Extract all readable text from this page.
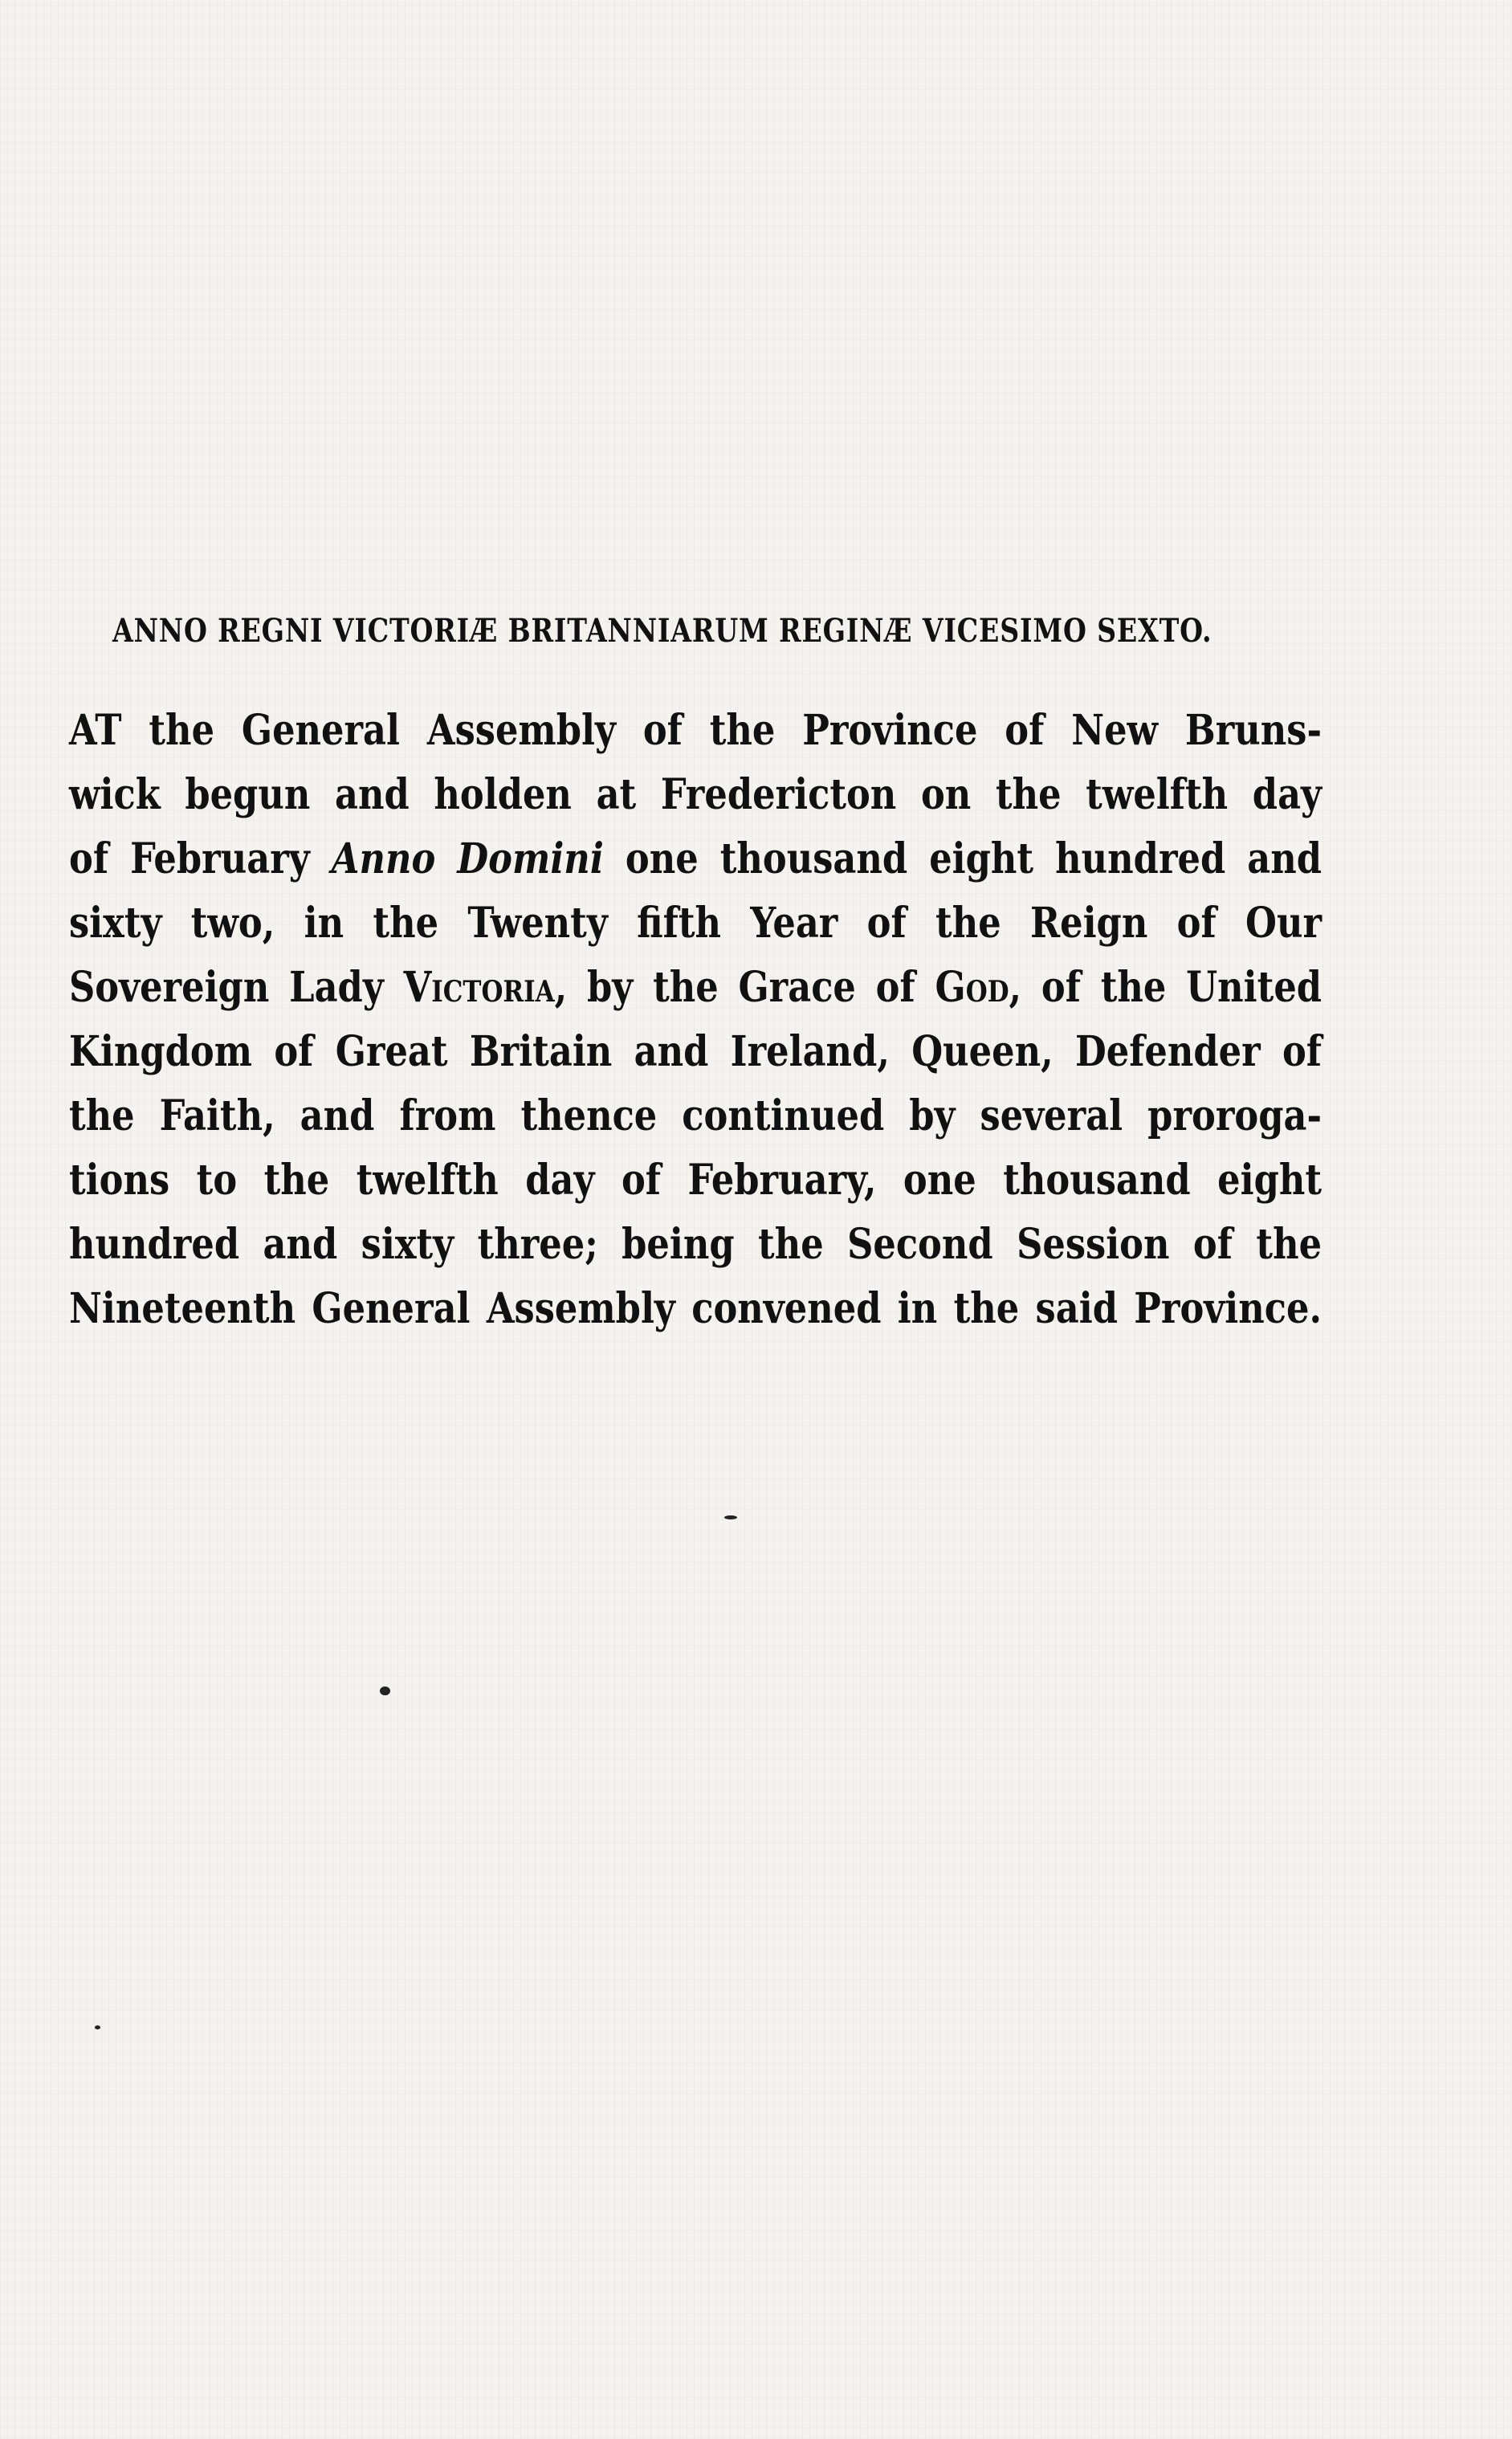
ANNO REGNI VICTORIÆ BRITANNIARUM REGINÆ VICESIMO SEXTO.
AT the General Assembly of the Province of New Bruns-
wick begun and holden at Fredericton on the twelfth day
of February Anno Domini one thousand eight hundred and
sixty two, in the Twenty fifth Year of the Reign of Our
Sovereign Lady Victoria, by the Grace of God, of the United
Kingdom of Great Britain and Ireland, Queen, Defender of
the Faith, and from thence continued by several proroga-
tions to the twelfth day of February, one thousand eight
hundred and sixty three; being the Second Session of the
Nineteenth General Assembly convened in the said Province.
